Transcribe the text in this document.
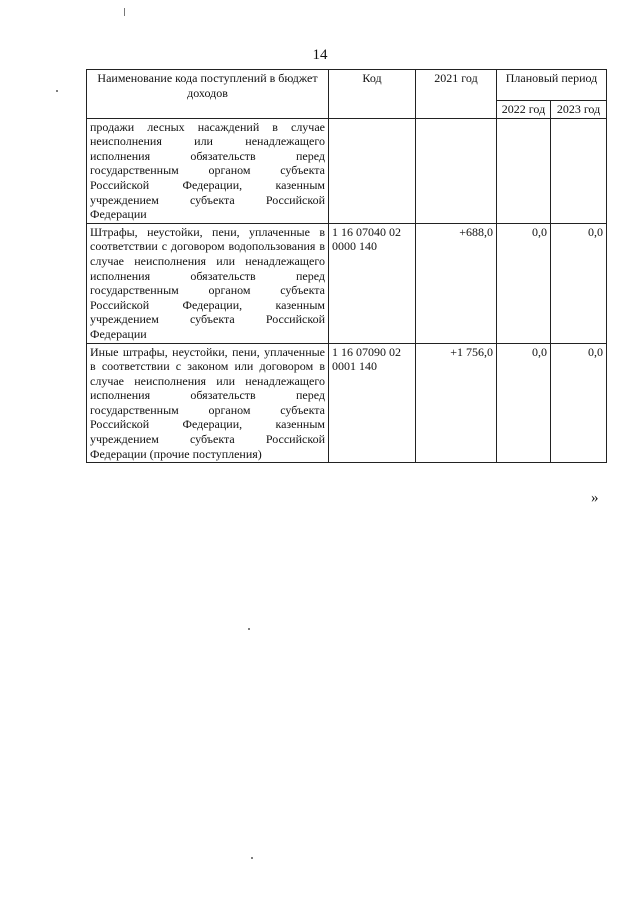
14
Наименование кода поступлений в бюджет доходов	Код	2021 год	Плановый период	
			2022 год	2023 год
продажи лесных насаждений в случае неисполнения или ненадлежащего исполнения обязательств перед государственным органом субъекта Российской Федерации, казенным учреждением субъекта Российской Федерации				
Штрафы, неустойки, пени, уплаченные в соответствии с договором водопользования в случае неисполнения или ненадлежащего исполнения обязательств перед государственным органом субъекта Российской Федерации, казенным учреждением субъекта Российской Федерации	1 16 07040 02 0000 140	+688,0	0,0	0,0
Иные штрафы, неустойки, пени, уплаченные в соответствии с законом или договором в случае неисполнения или ненадлежащего исполнения обязательств перед государственным органом субъекта Российской Федерации, казенным учреждением субъекта Российской Федерации (прочие поступления)	1 16 07090 02 0001 140	+1 756,0	0,0	0,0
»
